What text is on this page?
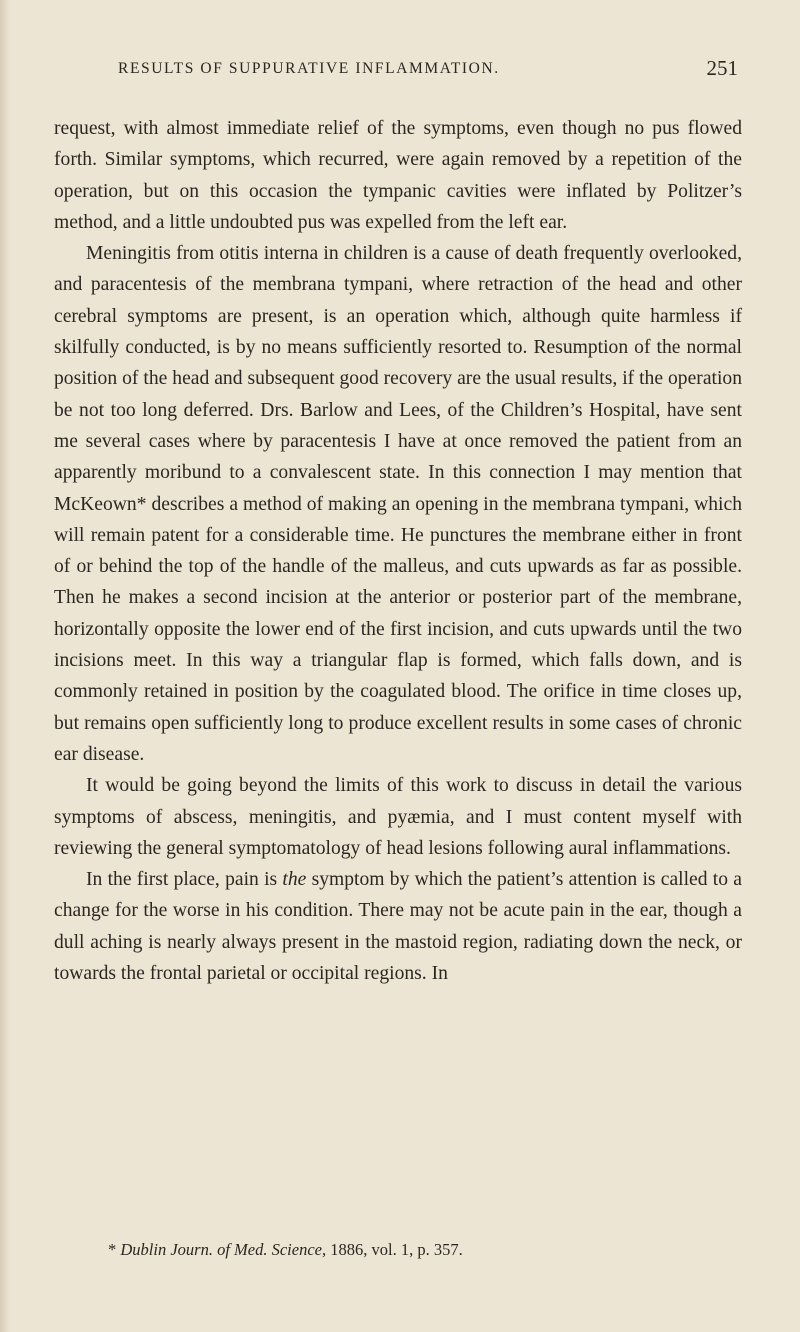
RESULTS OF SUPPURATIVE INFLAMMATION.	251

request, with almost immediate relief of the symptoms, even though no pus flowed forth. Similar symptoms, which recurred, were again removed by a repetition of the operation, but on this occasion the tympanic cavities were inflated by Politzer’s method, and a little undoubted pus was expelled from the left ear.

Meningitis from otitis interna in children is a cause of death frequently overlooked, and paracentesis of the membrana tympani, where retraction of the head and other cerebral symptoms are present, is an operation which, although quite harmless if skilfully conducted, is by no means sufficiently resorted to. Resumption of the normal position of the head and subsequent good recovery are the usual results, if the operation be not too long deferred. Drs. Barlow and Lees, of the Children’s Hospital, have sent me several cases where by paracentesis I have at once removed the patient from an apparently moribund to a convalescent state. In this connection I may mention that McKeown* describes a method of making an opening in the membrana tympani, which will remain patent for a considerable time. He punctures the membrane either in front of or behind the top of the handle of the malleus, and cuts upwards as far as possible. Then he makes a second incision at the anterior or posterior part of the membrane, horizontally opposite the lower end of the first incision, and cuts upwards until the two incisions meet. In this way a triangular flap is formed, which falls down, and is commonly retained in position by the coagulated blood. The orifice in time closes up, but remains open sufficiently long to produce excellent results in some cases of chronic ear disease.

It would be going beyond the limits of this work to discuss in detail the various symptoms of abscess, meningitis, and pyæmia, and I must content myself with reviewing the general symptomatology of head lesions following aural inflammations.

In the first place, pain is the symptom by which the patient’s attention is called to a change for the worse in his condition. There may not be acute pain in the ear, though a dull aching is nearly always present in the mastoid region, radiating down the neck, or towards the frontal parietal or occipital regions. In

* Dublin Journ. of Med. Science, 1886, vol. 1, p. 357.
